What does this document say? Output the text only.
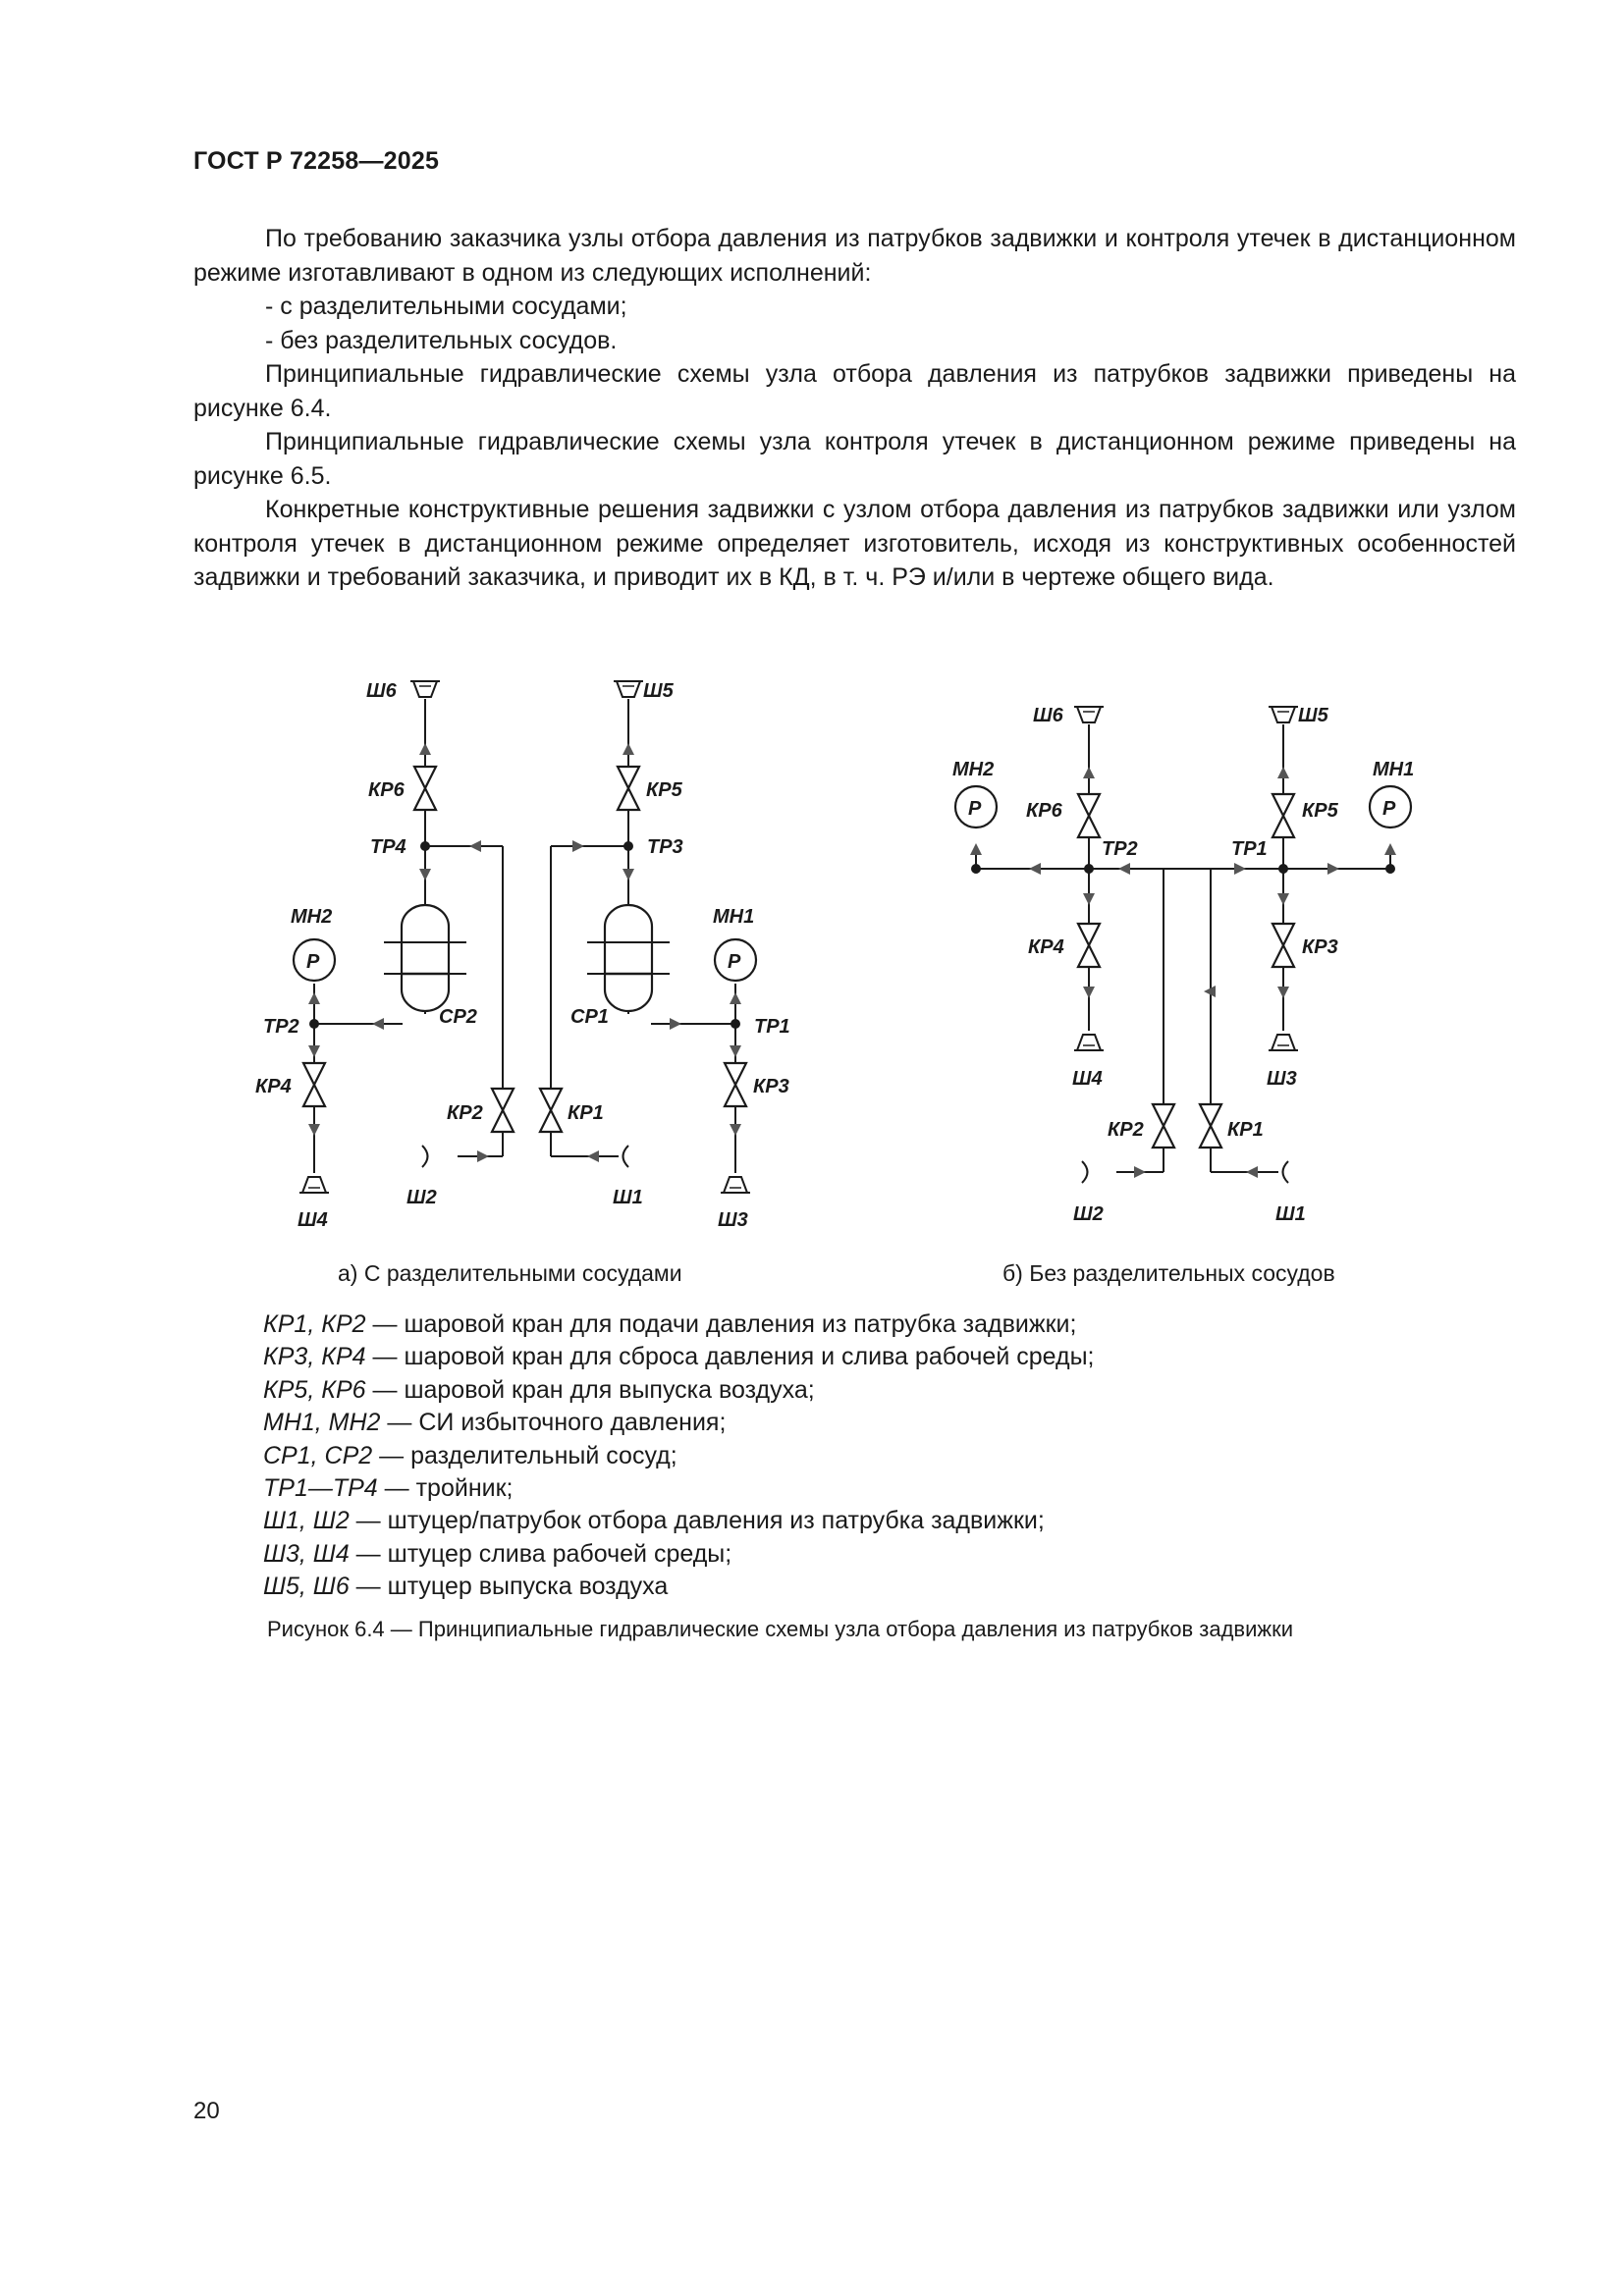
ГОСТ Р 72258—2025

По требованию заказчика узлы отбора давления из патрубков задвижки и контроля утечек в дистанционном режиме изготавливают в одном из следующих исполнений:

- с разделительными сосудами;

- без разделительных сосудов.

Принципиальные гидравлические схемы узла отбора давления из патрубков задвижки приведены на рисунке 6.4.

Принципиальные гидравлические схемы узла контроля утечек в дистанционном режиме приведены на рисунке 6.5.

Конкретные конструктивные решения задвижки с узлом отбора давления из патрубков задвижки или узлом контроля утечек в дистанционном режиме определяет изготовитель, исходя из конструктивных особенностей задвижки и требований заказчика, и приводит их в КД, в т. ч. РЭ и/или в чертеже общего вида.

Ш6	Ш5
КР6	КР5
ТР4	ТР3
МН2	МН1
P	P
ТР2	ТР1
СР2	СР1
КР4	КР3
КР2	КР1
Ш2	Ш1
Ш4	Ш3
Ш6	Ш5
МН2	МН1
P	P
КР6	КР5
ТР2	ТР1
КР4	КР3
Ш4	Ш3
КР2	КР1
Ш2	Ш1
а) С разделительными сосудами	б) Без разделительных сосудов
КР1, КР2 — шаровой кран для подачи давления из патрубка задвижки;
КР3, КР4 — шаровой кран для сброса давления и слива рабочей среды;
КР5, КР6 — шаровой кран для выпуска воздуха;
МН1, МН2 — СИ избыточного давления;
СР1, СР2 — разделительный сосуд;
ТР1—ТР4 — тройник;
Ш1, Ш2 — штуцер/патрубок отбора давления из патрубка задвижки;
Ш3, Ш4 — штуцер слива рабочей среды;
Ш5, Ш6 — штуцер выпуска воздуха
Рисунок 6.4 — Принципиальные гидравлические схемы узла отбора давления из патрубков задвижки
20
